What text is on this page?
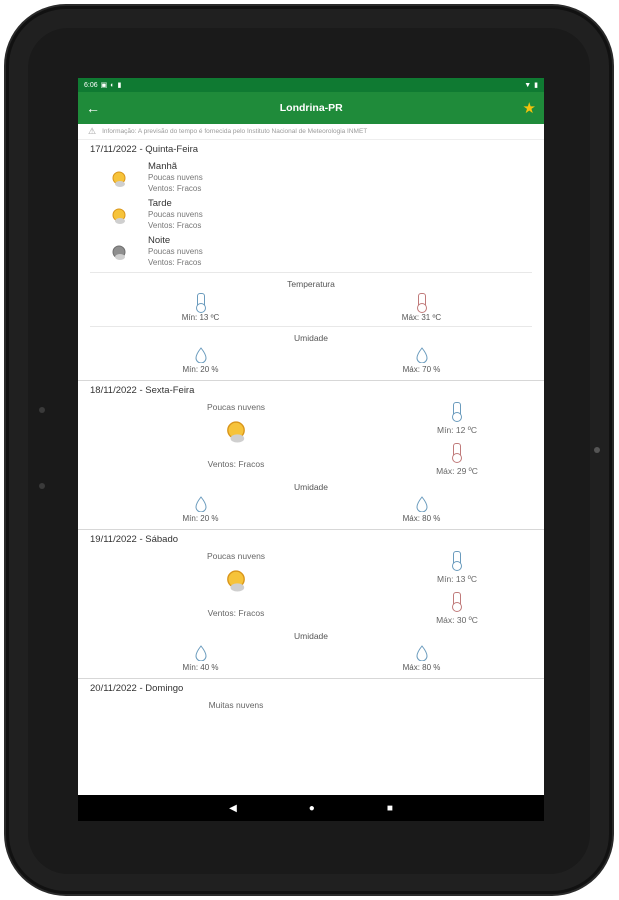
6:06 ▣ ◐ ▮	▼ ▮
←	Londrina-PR	★
⚠ Informação: A previsão do tempo é fornecida pelo Instituto Nacional de Meteorologia INMET
17/11/2022 - Quinta-Feira
Manhã
Poucas nuvens
Ventos: Fracos
Tarde
Poucas nuvens
Ventos: Fracos
Noite
Poucas nuvens
Ventos: Fracos
Temperatura
Mín: 13 ºC	Máx: 31 ºC
Umidade
Mín: 20 %	Máx: 70 %
18/11/2022 - Sexta-Feira
Poucas nuvens
Ventos: Fracos
Mín: 12 ºC
Máx: 29 ºC
Umidade
Mín: 20 %	Máx: 80 %
19/11/2022 - Sábado
Poucas nuvens
Ventos: Fracos
Mín: 13 ºC
Máx: 30 ºC
Umidade
Mín: 40 %	Máx: 80 %
20/11/2022 - Domingo
Muitas nuvens
◀	●	■
